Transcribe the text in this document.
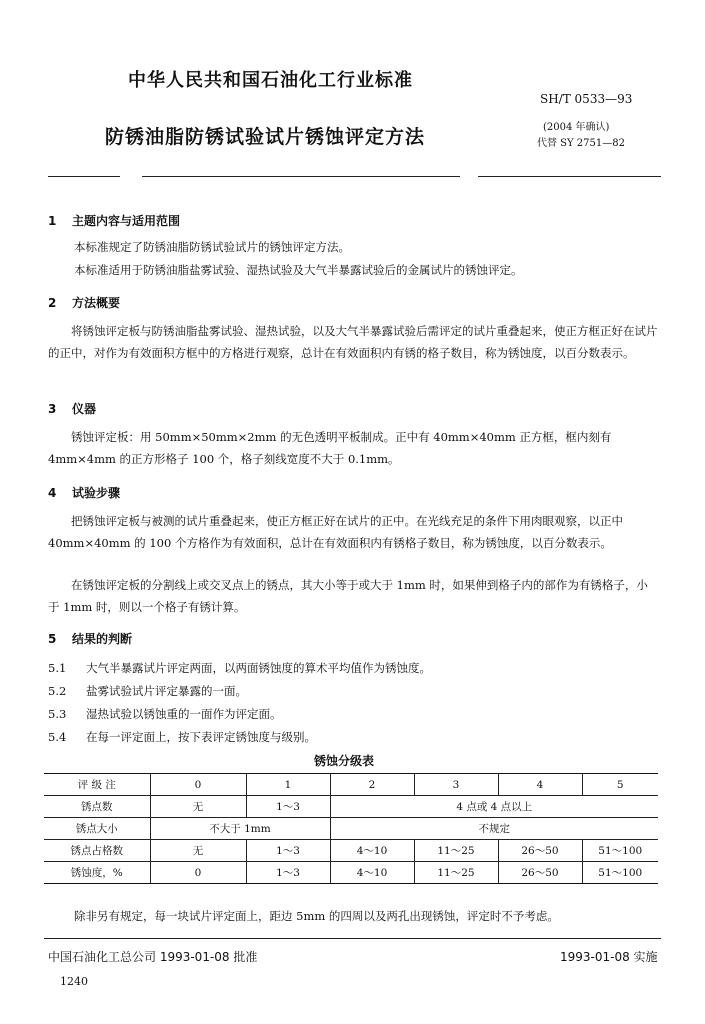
中华人民共和国石油化工行业标准
SH/T 0533—93
防锈油脂防锈试验试片锈蚀评定方法	(2004 年确认)
代替 SY 2751—82
1 主题内容与适用范围
本标准规定了防锈油脂防锈试验试片的锈蚀评定方法。
本标准适用于防锈油脂盐雾试验、湿热试验及大气半暴露试验后的金属试片的锈蚀评定。
2 方法概要
将锈蚀评定板与防锈油脂盐雾试验、湿热试验，以及大气半暴露试验后需评定的试片重叠起来，使正方框正好在试片的正中，对作为有效面积方框中的方格进行观察，总计在有效面积内有锈的格子数目，称为锈蚀度，以百分数表示。
3 仪器
锈蚀评定板：用 50mm×50mm×2mm 的无色透明平板制成。正中有 40mm×40mm 正方框，框内刻有 4mm×4mm 的正方形格子 100 个，格子刻线宽度不大于 0.1mm。
4 试验步骤
把锈蚀评定板与被测的试片重叠起来，使正方框正好在试片的正中。在光线充足的条件下用肉眼观察，以正中 40mm×40mm 的 100 个方格作为有效面积，总计在有效面积内有锈格子数目，称为锈蚀度，以百分数表示。
在锈蚀评定板的分割线上或交叉点上的锈点，其大小等于或大于 1mm 时，如果伸到格子内的部作为有锈格子，小于 1mm 时，则以一个格子有锈计算。
5 结果的判断
5.1 大气半暴露试片评定两面，以两面锈蚀度的算术平均值作为锈蚀度。
5.2 盐雾试验试片评定暴露的一面。
5.3 湿热试验以锈蚀重的一面作为评定面。
5.4 在每一评定面上，按下表评定锈蚀度与级别。
锈蚀分级表
评 级 注	0	1	2	3	4	5
锈点数	无	1～3	4 点或 4 点以上			
锈点大小	不大于 1mm		不规定			
锈点占格数	无	1～3	4～10	11～25	26～50	51～100
锈蚀度，%	0	1～3	4～10	11～25	26～50	51～100
除非另有规定，每一块试片评定面上，距边 5mm 的四周以及两孔出现锈蚀，评定时不予考虑。
中国石油化工总公司 1993-01-08 批准	1993-01-08 实施
1240
